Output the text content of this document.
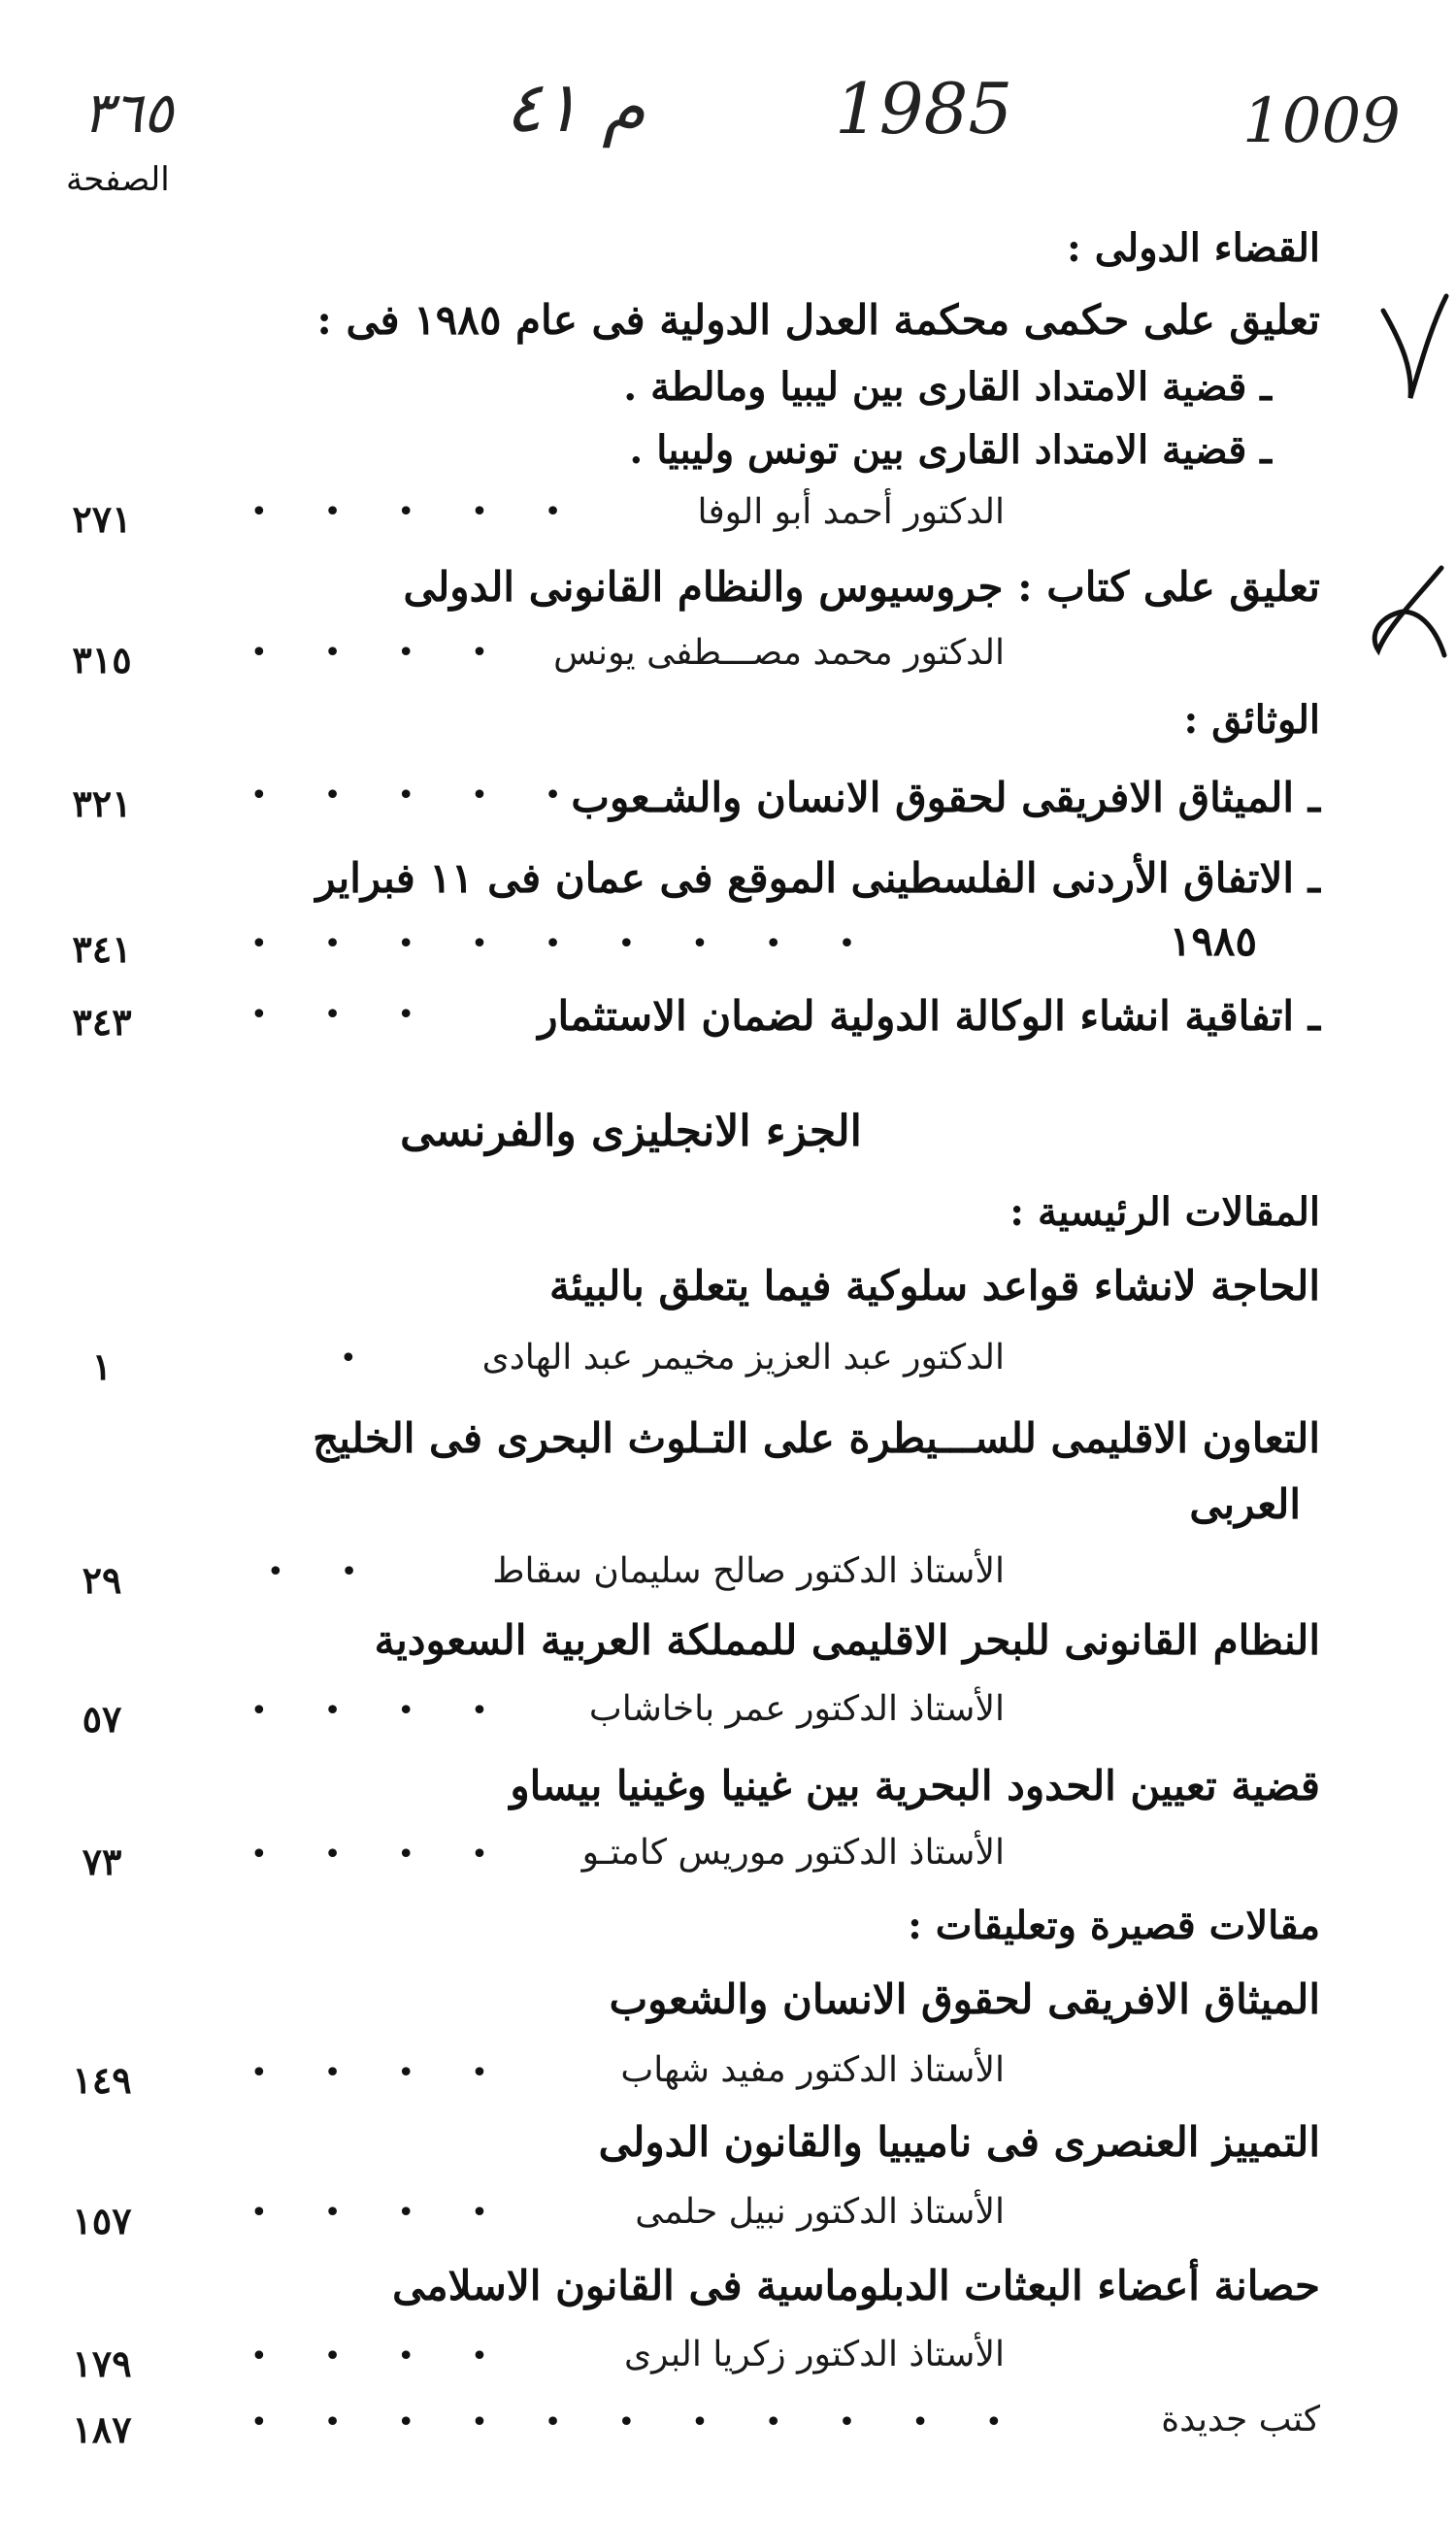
٣٦٥
الصفحة
م ٤١	1985	1009
القضاء الدولى :
تعليق على حكمى محكمة العدل الدولية فى عام ١٩٨٥ فى :
ـ قضية الامتداد القارى بين ليبيا ومالطة .
ـ قضية الامتداد القارى بين تونس وليبيا .
الدكتور أحمد أبو الوفا
•••••
٢٧١
تعليق على كتاب : جروسيوس والنظام القانونى الدولى
الدكتور محمد مصـــطفى يونس
••••
٣١٥
الوثائق :
ـ الميثاق الافريقى لحقوق الانسان والشـعوب
•••••
٣٢١
ـ الاتفاق الأردنى الفلسطينى الموقع فى عمان فى ١١ فبراير
١٩٨٥
•••••••••
٣٤١
ـ اتفاقية انشاء الوكالة الدولية لضمان الاستثمار
•••
٣٤٣
الجزء الانجليزى والفرنسى
المقالات الرئيسية :
الحاجة لانشاء قواعد سلوكية فيما يتعلق بالبيئة
الدكتور عبد العزيز مخيمر عبد الهادى
•
١
التعاون الاقليمى للســـيطرة على التـلوث البحرى فى الخليج
العربى
الأستاذ الدكتور صالح سليمان سقاط
••
٢٩
النظام القانونى للبحر الاقليمى للمملكة العربية السعودية
الأستاذ الدكتور عمر باخاشاب
••••
٥٧
قضية تعيين الحدود البحرية بين غينيا وغينيا بيساو
الأستاذ الدكتور موريس كامتـو
••••
٧٣
مقالات قصيرة وتعليقات :
الميثاق الافريقى لحقوق الانسان والشعوب
الأستاذ الدكتور مفيد شهاب
••••
١٤٩
التمييز العنصرى فى ناميبيا والقانون الدولى
الأستاذ الدكتور نبيل حلمى
••••
١٥٧
حصانة أعضاء البعثات الدبلوماسية فى القانون الاسلامى
الأستاذ الدكتور زكريا البرى
••••
١٧٩
كتب جديدة
•••••••••••
١٨٧
